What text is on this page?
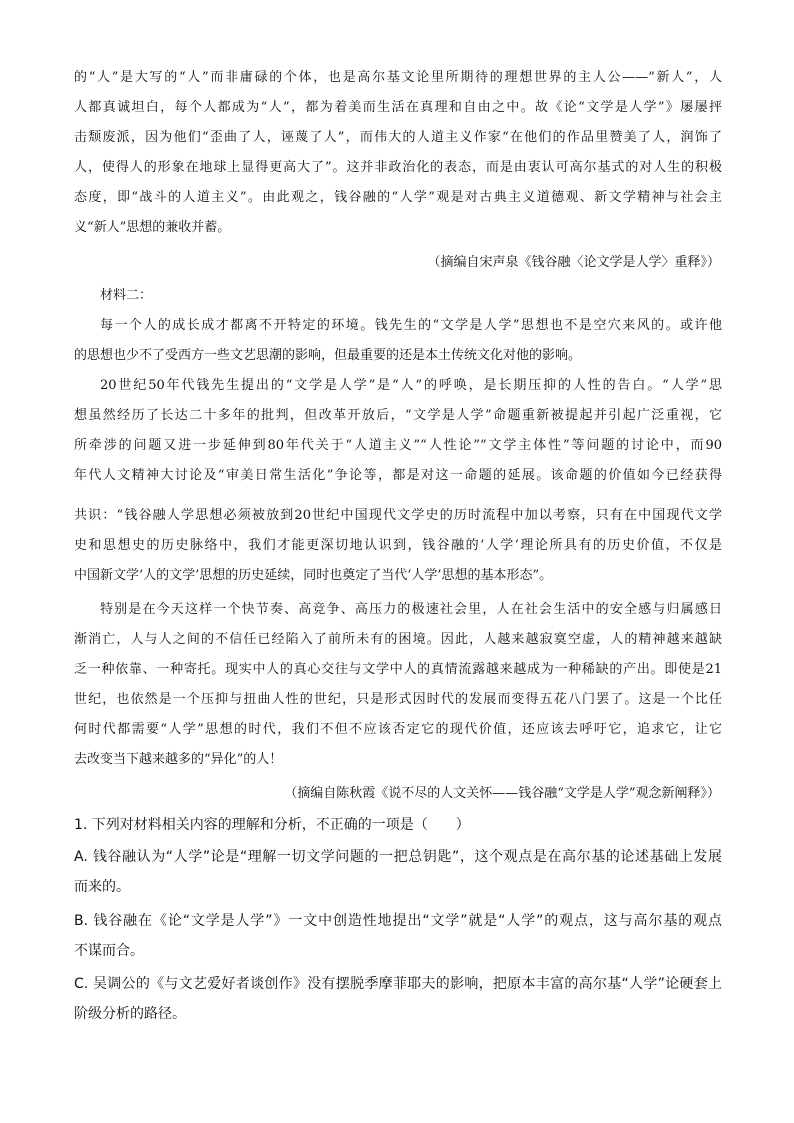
的“人”是大写的“人”而非庸碌的个体，也是高尔基文论里所期待的理想世界的主人公——“新人”，人
人都真诚坦白，每个人都成为“人”，都为着美而生活在真理和自由之中。故《论“文学是人学”》屡屡抨
击颓废派，因为他们“歪曲了人，诬蔑了人”，而伟大的人道主义作家“在他们的作品里赞美了人，润饰了
人，使得人的形象在地球上显得更高大了”。这并非政治化的表态，而是由衷认可高尔基式的对人生的积极
态度，即“战斗的人道主义”。由此观之，钱谷融的“人学”观是对古典主义道德观、新文学精神与社会主
义“新人”思想的兼收并蓄。
（摘编自宋声泉《钱谷融〈论文学是人学〉重释》）
材料二：
每一个人的成长成才都离不开特定的环境。钱先生的“文学是人学”思想也不是空穴来风的。或许他
的思想也少不了受西方一些文艺思潮的影响，但最重要的还是本土传统文化对他的影响。
20世纪50年代钱先生提出的“文学是人学”是“人”的呼唤，是长期压抑的人性的告白。“人学”思
想虽然经历了长达二十多年的批判，但改革开放后，“文学是人学”命题重新被提起并引起广泛重视，它
所牵涉的问题又进一步延伸到80年代关于“人道主义”“人性论”“文学主体性”等问题的讨论中，而90
年代人文精神大讨论及“审美日常生活化”争论等，都是对这一命题的延展。该命题的价值如今已经获得
共识：“钱谷融人学思想必须被放到20世纪中国现代文学史的历时流程中加以考察，只有在中国现代文学
史和思想史的历史脉络中，我们才能更深切地认识到，钱谷融的‘人学’理论所具有的历史价值，不仅是
中国新文学‘人的文学’思想的历史延续，同时也奠定了当代‘人学’思想的基本形态”。
特别是在今天这样一个快节奏、高竞争、高压力的极速社会里，人在社会生活中的安全感与归属感日
渐消亡，人与人之间的不信任已经陷入了前所未有的困境。因此，人越来越寂寞空虚，人的精神越来越缺
乏一种依靠、一种寄托。现实中人的真心交往与文学中人的真情流露越来越成为一种稀缺的产出。即使是21
世纪，也依然是一个压抑与扭曲人性的世纪，只是形式因时代的发展而变得五花八门罢了。这是一个比任
何时代都需要“人学”思想的时代，我们不但不应该否定它的现代价值，还应该去呼吁它，追求它，让它
去改变当下越来越多的“异化”的人！
（摘编自陈秋霞《说不尽的人文关怀——钱谷融“文学是人学”观念新阐释》）
1. 下列对材料相关内容的理解和分析，不正确的一项是（　　）
A. 钱谷融认为“人学”论是“理解一切文学问题的一把总钥匙”，这个观点是在高尔基的论述基础上发展
而来的。
B. 钱谷融在《论“文学是人学”》一文中创造性地提出“文学”就是“人学”的观点，这与高尔基的观点
不谋而合。
C. 吴调公的《与文艺爱好者谈创作》没有摆脱季摩菲耶夫的影响，把原本丰富的高尔基“人学”论硬套上
阶级分析的路径。
